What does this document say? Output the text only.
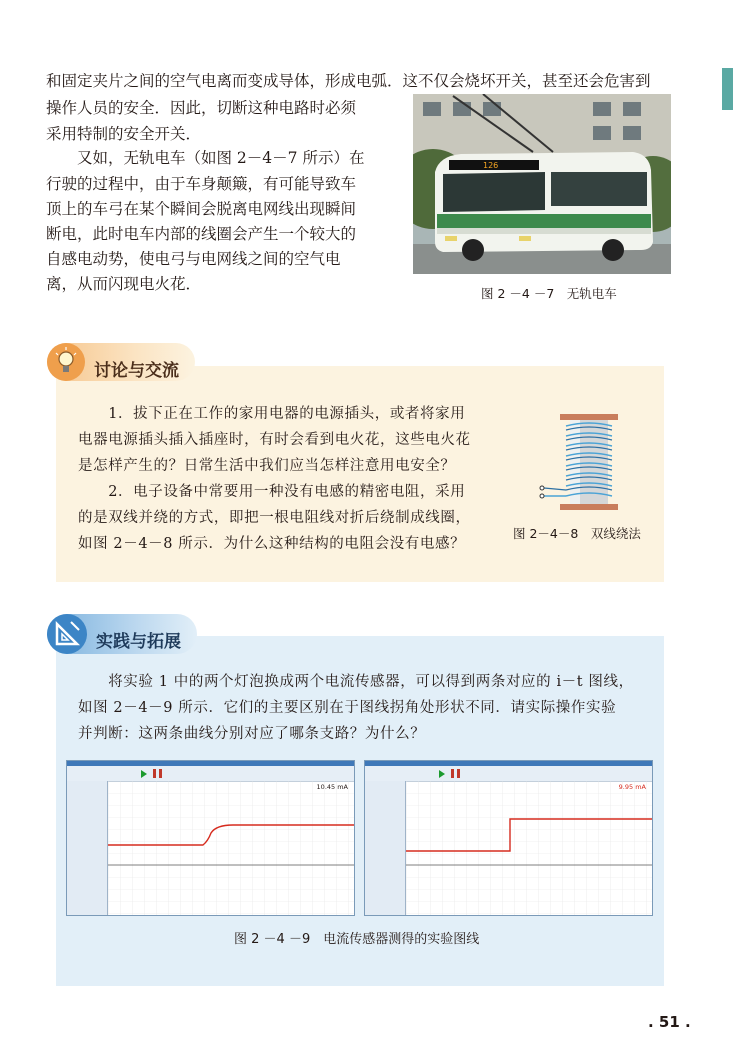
和固定夹片之间的空气电离而变成导体，形成电弧．这不仅会烧坏开关，甚至还会危害到
操作人员的安全．因此，切断这种电路时必须
采用特制的安全开关．
　　又如，无轨电车（如图 2－4－7 所示）在
行驶的过程中，由于车身颠簸，有可能导致车
顶上的车弓在某个瞬间会脱离电网线出现瞬间
断电，此时电车内部的线圈会产生一个较大的
自感电动势，使电弓与电网线之间的空气电
离，从而闪现电火花．
126
图 2 －4 －7　无轨电车
讨论与交流
　　1．拔下正在工作的家用电器的电源插头，或者将家用
电器电源插头插入插座时，有时会看到电火花，这些电火花
是怎样产生的？日常生活中我们应当怎样注意用电安全？
　　2．电子设备中常要用一种没有电感的精密电阻，采用
的是双线并绕的方式，即把一根电阻线对折后绕制成线圈，
如图 2－4－8 所示．为什么这种结构的电阻会没有电感？
图 2－4－8　双线绕法
实践与拓展
　　将实验 1 中的两个灯泡换成两个电流传感器，可以得到两条对应的 i－t 图线，
如图 2－4－9 所示．它们的主要区别在于图线拐角处形状不同．请实际操作实验
并判断：这两条曲线分别对应了哪条支路？为什么？
10.45 mA	9.95 mA
图 2 －4 －9　电流传感器测得的实验图线
. 51 .
